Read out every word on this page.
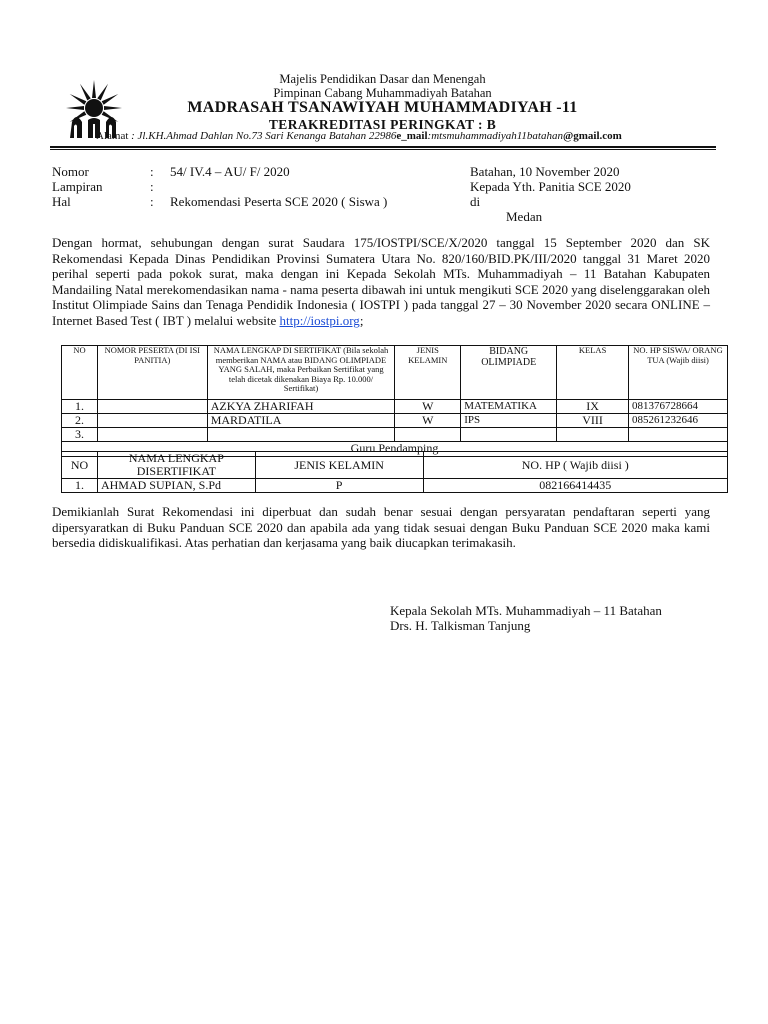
Majelis Pendidikan Dasar dan Menengah
Pimpinan Cabang Muhammadiyah Batahan
MADRASAH TSANAWIYAH MUHAMMADIYAH -11
TERAKREDITASI PERINGKAT : B
Alamat : Jl.KH.Ahmad Dahlan No.73 Sari Kenanga Batahan 22986e_mail:mtsmuhammadiyah11batahan@gmail.com
Nomor	: 54/ IV.4 – AU/ F/ 2020
Lampiran	:
Hal	: Rekomendasi Peserta SCE 2020 ( Siswa )
Batahan, 10 November 2020
Kepada Yth. Panitia SCE 2020
di
Medan
Dengan hormat, sehubungan dengan surat Saudara 175/IOSTPI/SCE/X/2020 tanggal 15 September 2020 dan SK Rekomendasi Kepada Dinas Pendidikan Provinsi Sumatera Utara No. 820/160/BID.PK/III/2020 tanggal 31 Maret 2020 perihal seperti pada pokok surat, maka dengan ini Kepada Sekolah MTs. Muhammadiyah – 11 Batahan Kabupaten Mandailing Natal merekomendasikan nama - nama peserta dibawah ini untuk mengikuti SCE 2020 yang diselenggarakan oleh Institut Olimpiade Sains dan Tenaga Pendidik Indonesia ( IOSTPI ) pada tanggal 27 – 30 November 2020 secara ONLINE – Internet Based Test ( IBT ) melalui website http://iostpi.org;
NO	NOMOR PESERTA (DI ISI PANITIA)	NAMA LENGKAP DI SERTIFIKAT (Bila sekolah memberikan NAMA atau BIDANG OLIMPIADE YANG SALAH, maka Perbaikan Sertifikat yang telah dicetak dikenakan Biaya Rp. 10.000/ Sertifikat)	JENIS KELAMIN	BIDANG OLIMPIADE	KELAS	NO. HP SISWA/ ORANG TUA (Wajib diisi)
1.		AZKYA ZHARIFAH	W	MATEMATIKA	IX	081376728664
2.		MARDATILA	W	IPS	VIII	085261232646
3.						
Guru Pendamping						
NO	NAMA LENGKAP DISERTIFIKAT	JENIS KELAMIN	NO. HP ( Wajib diisi )
1.	AHMAD SUPIAN, S.Pd	P	082166414435
Demikianlah Surat Rekomendasi ini diperbuat dan sudah benar sesuai dengan persyaratan pendaftaran seperti yang dipersyaratkan di Buku Panduan SCE 2020 dan apabila ada yang tidak sesuai dengan Buku Panduan SCE 2020 maka kami bersedia didiskualifikasi. Atas perhatian dan kerjasama yang baik diucapkan terimakasih.
Kepala Sekolah MTs. Muhammadiyah – 11 Batahan
Drs. H. Talkisman Tanjung
